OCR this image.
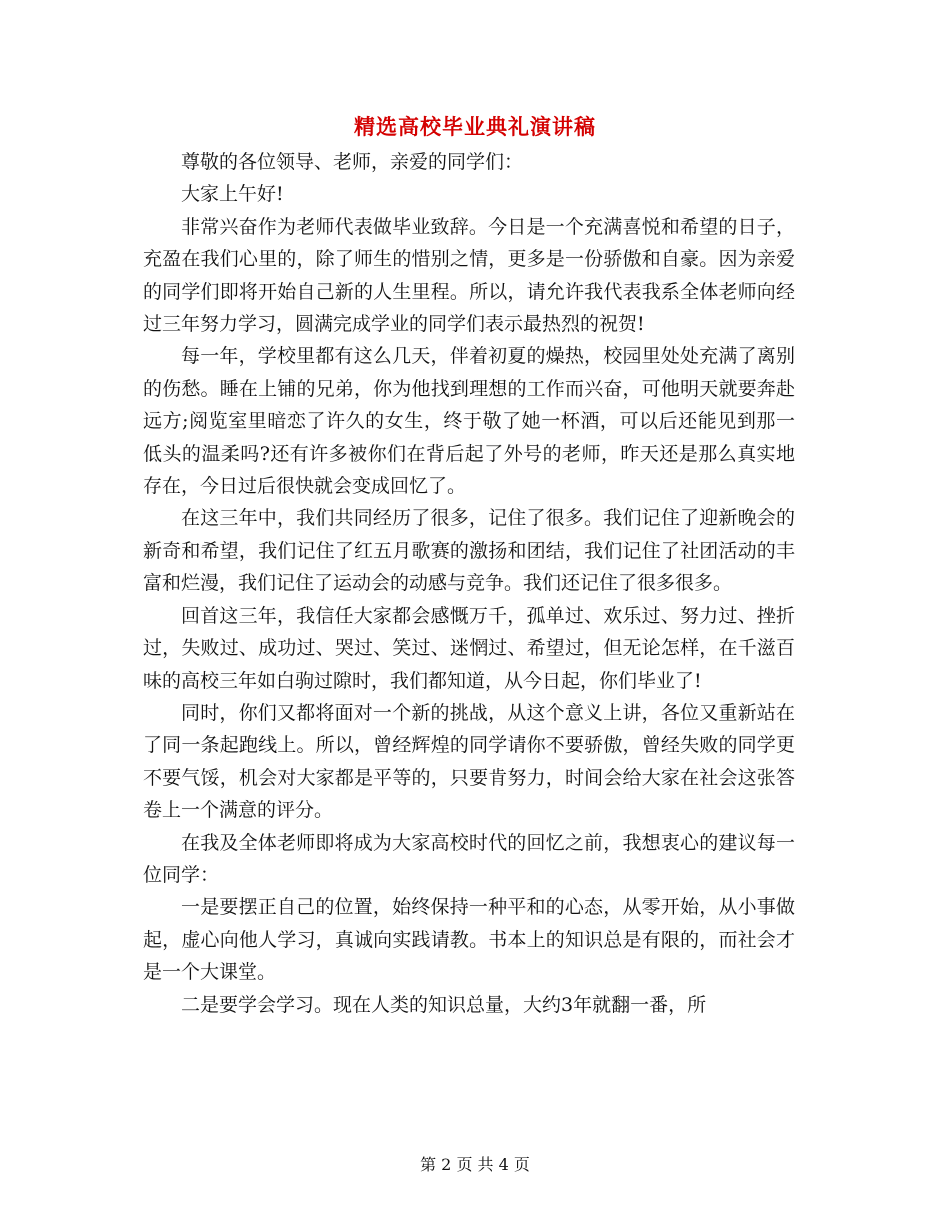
精选高校毕业典礼演讲稿

尊敬的各位领导、老师，亲爱的同学们：

大家上午好!

非常兴奋作为老师代表做毕业致辞。今日是一个充满喜悦和希望的日子，充盈在我们心里的，除了师生的惜别之情，更多是一份骄傲和自豪。因为亲爱的同学们即将开始自己新的人生里程。所以，请允许我代表我系全体老师向经过三年努力学习，圆满完成学业的同学们表示最热烈的祝贺!

每一年，学校里都有这么几天，伴着初夏的燥热，校园里处处充满了离别的伤愁。睡在上铺的兄弟，你为他找到理想的工作而兴奋，可他明天就要奔赴远方;阅览室里暗恋了许久的女生，终于敬了她一杯酒，可以后还能见到那一低头的温柔吗?还有许多被你们在背后起了外号的老师，昨天还是那么真实地存在，今日过后很快就会变成回忆了。

在这三年中，我们共同经历了很多，记住了很多。我们记住了迎新晚会的新奇和希望，我们记住了红五月歌赛的激扬和团结，我们记住了社团活动的丰富和烂漫，我们记住了运动会的动感与竞争。我们还记住了很多很多。

回首这三年，我信任大家都会感慨万千，孤单过、欢乐过、努力过、挫折过，失败过、成功过、哭过、笑过、迷惘过、希望过，但无论怎样，在千滋百味的高校三年如白驹过隙时，我们都知道，从今日起，你们毕业了!

同时，你们又都将面对一个新的挑战，从这个意义上讲，各位又重新站在了同一条起跑线上。所以，曾经辉煌的同学请你不要骄傲，曾经失败的同学更不要气馁，机会对大家都是平等的，只要肯努力，时间会给大家在社会这张答卷上一个满意的评分。

在我及全体老师即将成为大家高校时代的回忆之前，我想衷心的建议每一位同学：

一是要摆正自己的位置，始终保持一种平和的心态，从零开始，从小事做起，虚心向他人学习，真诚向实践请教。书本上的知识总是有限的，而社会才是一个大课堂。

二是要学会学习。现在人类的知识总量，大约3年就翻一番，所

第 2 页 共 4 页
